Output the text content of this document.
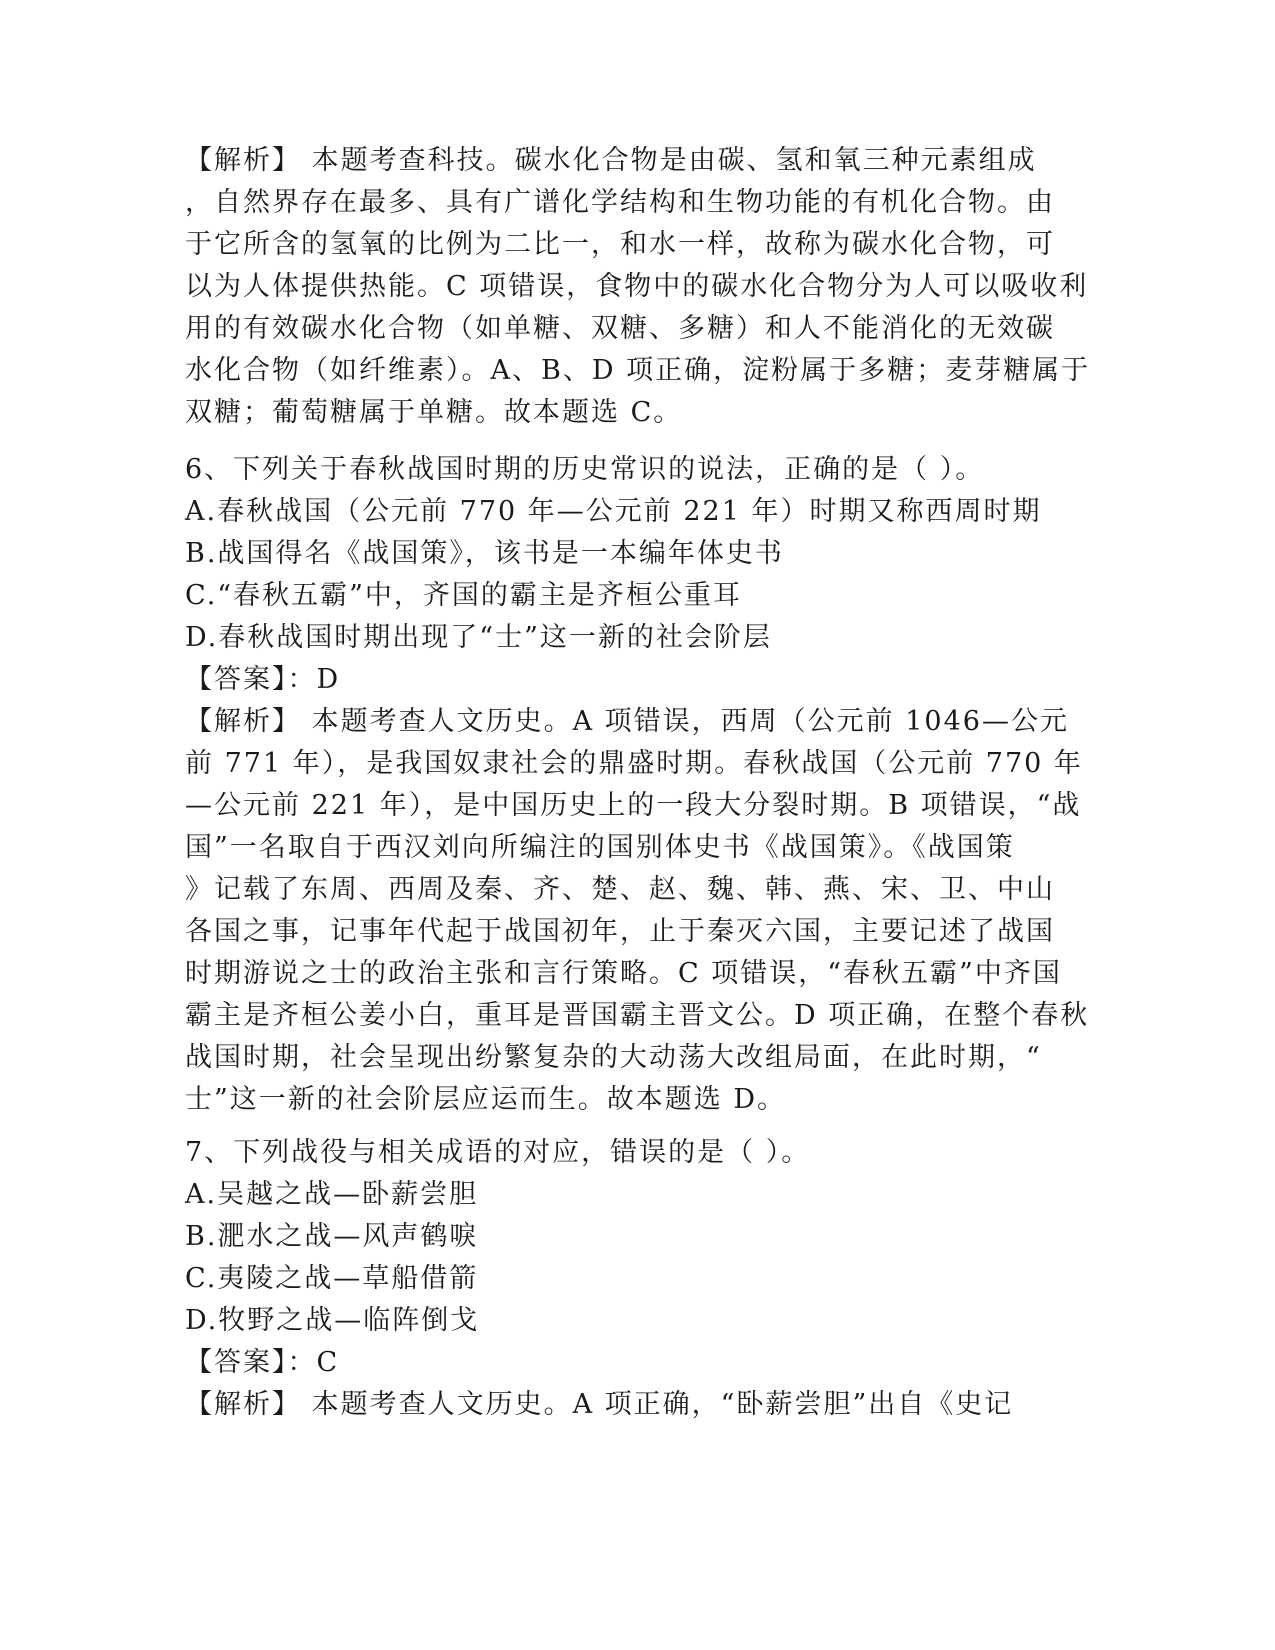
【解析】 本题考查科技。碳水化合物是由碳、氢和氧三种元素组成
，自然界存在最多、具有广谱化学结构和生物功能的有机化合物。由
于它所含的氢氧的比例为二比一，和水一样，故称为碳水化合物，可
以为人体提供热能。C 项错误，食物中的碳水化合物分为人可以吸收利
用的有效碳水化合物（如单糖、双糖、多糖）和人不能消化的无效碳
水化合物（如纤维素）。A、B、D 项正确，淀粉属于多糖；麦芽糖属于
双糖；葡萄糖属于单糖。故本题选 C。
6、下列关于春秋战国时期的历史常识的说法，正确的是（ ）。
A.春秋战国（公元前 770 年—公元前 221 年）时期又称西周时期
B.战国得名《战国策》，该书是一本编年体史书
C.“春秋五霸”中，齐国的霸主是齐桓公重耳
D.春秋战国时期出现了“士”这一新的社会阶层
【答案】：D
【解析】 本题考查人文历史。A 项错误，西周（公元前 1046—公元
前 771 年），是我国奴隶社会的鼎盛时期。春秋战国（公元前 770 年
—公元前 221 年），是中国历史上的一段大分裂时期。B 项错误，“战
国”一名取自于西汉刘向所编注的国别体史书《战国策》。《战国策
》记载了东周、西周及秦、齐、楚、赵、魏、韩、燕、宋、卫、中山
各国之事，记事年代起于战国初年，止于秦灭六国，主要记述了战国
时期游说之士的政治主张和言行策略。C 项错误，“春秋五霸”中齐国
霸主是齐桓公姜小白，重耳是晋国霸主晋文公。D 项正确，在整个春秋
战国时期，社会呈现出纷繁复杂的大动荡大改组局面，在此时期，“
士”这一新的社会阶层应运而生。故本题选 D。
7、下列战役与相关成语的对应，错误的是（ ）。
A.吴越之战—卧薪尝胆
B.淝水之战—风声鹤唳
C.夷陵之战—草船借箭
D.牧野之战—临阵倒戈
【答案】：C
【解析】 本题考查人文历史。A 项正确，“卧薪尝胆”出自《史记
